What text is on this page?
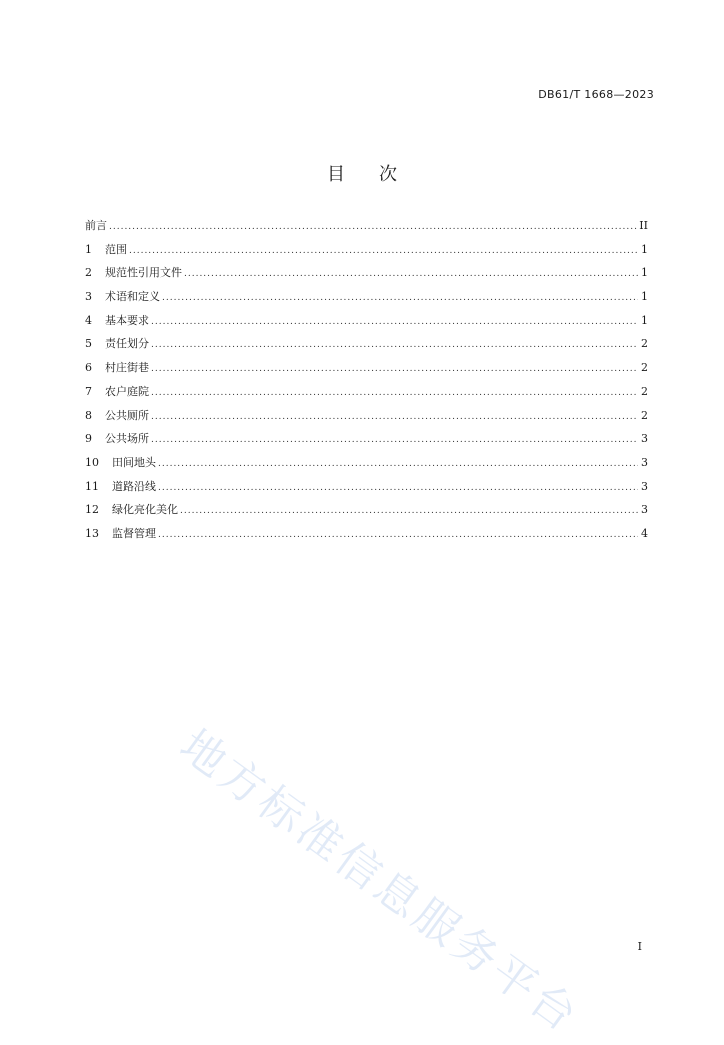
DB61/T 1668—2023
目次
前言 .....	II
1	范围 .....	1
2	规范性引用文件 .....	1
3	术语和定义 .....	1
4	基本要求 .....	1
5	责任划分 .....	2
6	村庄街巷 .....	2
7	农户庭院 .....	2
8	公共厕所 .....	2
9	公共场所 .....	3
10	田间地头 .....	3
11	道路沿线 .....	3
12	绿化亮化美化 .....	3
13	监督管理 .....	4
地方标准信息服务平台	I
